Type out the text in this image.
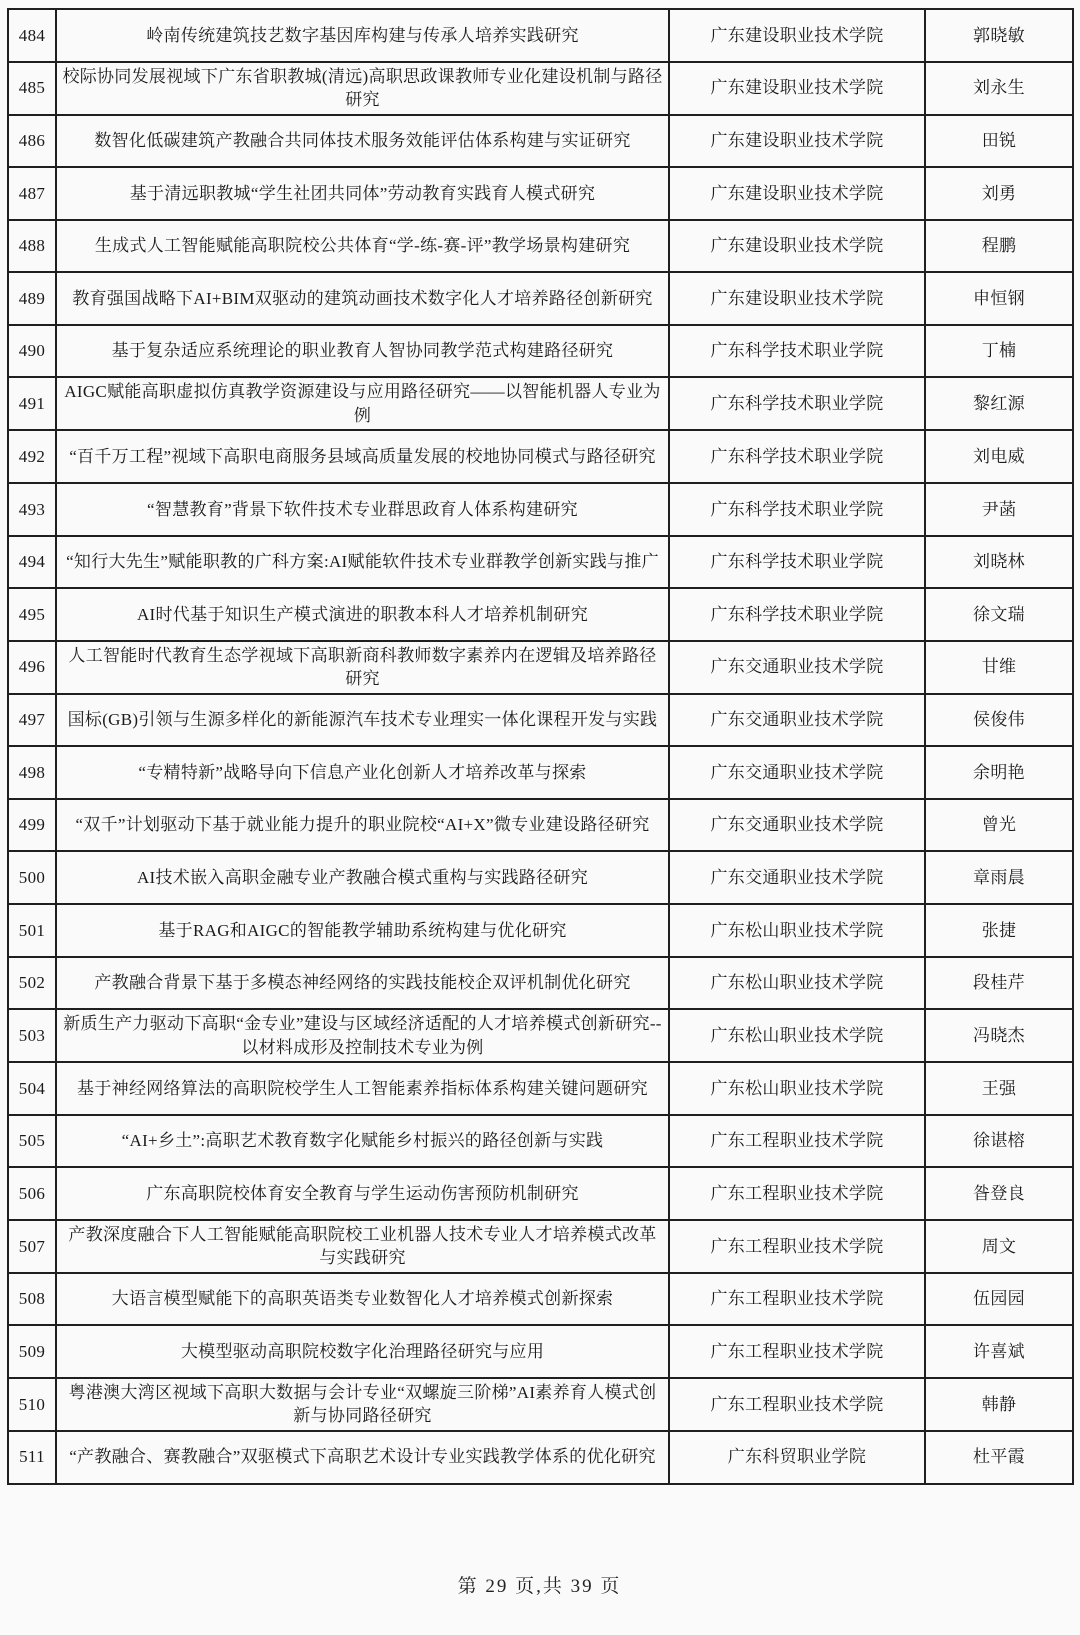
484	岭南传统建筑技艺数字基因库构建与传承人培养实践研究	广东建设职业技术学院	郭晓敏
485	校际协同发展视域下广东省职教城(清远)高职思政课教师专业化建设机制与路径研究	广东建设职业技术学院	刘永生
486	数智化低碳建筑产教融合共同体技术服务效能评估体系构建与实证研究	广东建设职业技术学院	田锐
487	基于清远职教城“学生社团共同体”劳动教育实践育人模式研究	广东建设职业技术学院	刘勇
488	生成式人工智能赋能高职院校公共体育“学-练-赛-评”教学场景构建研究	广东建设职业技术学院	程鹏
489	教育强国战略下AI+BIM双驱动的建筑动画技术数字化人才培养路径创新研究	广东建设职业技术学院	申恒钢
490	基于复杂适应系统理论的职业教育人智协同教学范式构建路径研究	广东科学技术职业学院	丁楠
491	AIGC赋能高职虚拟仿真教学资源建设与应用路径研究——以智能机器人专业为例	广东科学技术职业学院	黎红源
492	“百千万工程”视域下高职电商服务县域高质量发展的校地协同模式与路径研究	广东科学技术职业学院	刘电威
493	“智慧教育”背景下软件技术专业群思政育人体系构建研究	广东科学技术职业学院	尹菡
494	“知行大先生”赋能职教的广科方案:AI赋能软件技术专业群教学创新实践与推广	广东科学技术职业学院	刘晓林
495	AI时代基于知识生产模式演进的职教本科人才培养机制研究	广东科学技术职业学院	徐文瑞
496	人工智能时代教育生态学视域下高职新商科教师数字素养内在逻辑及培养路径研究	广东交通职业技术学院	甘维
497	国标(GB)引领与生源多样化的新能源汽车技术专业理实一体化课程开发与实践	广东交通职业技术学院	侯俊伟
498	“专精特新”战略导向下信息产业化创新人才培养改革与探索	广东交通职业技术学院	余明艳
499	“双千”计划驱动下基于就业能力提升的职业院校“AI+X”微专业建设路径研究	广东交通职业技术学院	曾光
500	AI技术嵌入高职金融专业产教融合模式重构与实践路径研究	广东交通职业技术学院	章雨晨
501	基于RAG和AIGC的智能教学辅助系统构建与优化研究	广东松山职业技术学院	张捷
502	产教融合背景下基于多模态神经网络的实践技能校企双评机制优化研究	广东松山职业技术学院	段桂芹
503	新质生产力驱动下高职“金专业”建设与区域经济适配的人才培养模式创新研究--以材料成形及控制技术专业为例	广东松山职业技术学院	冯晓杰
504	基于神经网络算法的高职院校学生人工智能素养指标体系构建关键问题研究	广东松山职业技术学院	王强
505	“AI+乡土”:高职艺术教育数字化赋能乡村振兴的路径创新与实践	广东工程职业技术学院	徐谌榕
506	广东高职院校体育安全教育与学生运动伤害预防机制研究	广东工程职业技术学院	昝登良
507	产教深度融合下人工智能赋能高职院校工业机器人技术专业人才培养模式改革与实践研究	广东工程职业技术学院	周文
508	大语言模型赋能下的高职英语类专业数智化人才培养模式创新探索	广东工程职业技术学院	伍园园
509	大模型驱动高职院校数字化治理路径研究与应用	广东工程职业技术学院	许喜斌
510	粤港澳大湾区视域下高职大数据与会计专业“双螺旋三阶梯”AI素养育人模式创新与协同路径研究	广东工程职业技术学院	韩静
511	“产教融合、赛教融合”双驱模式下高职艺术设计专业实践教学体系的优化研究	广东科贸职业学院	杜平霞
第 29 页,共 39 页
